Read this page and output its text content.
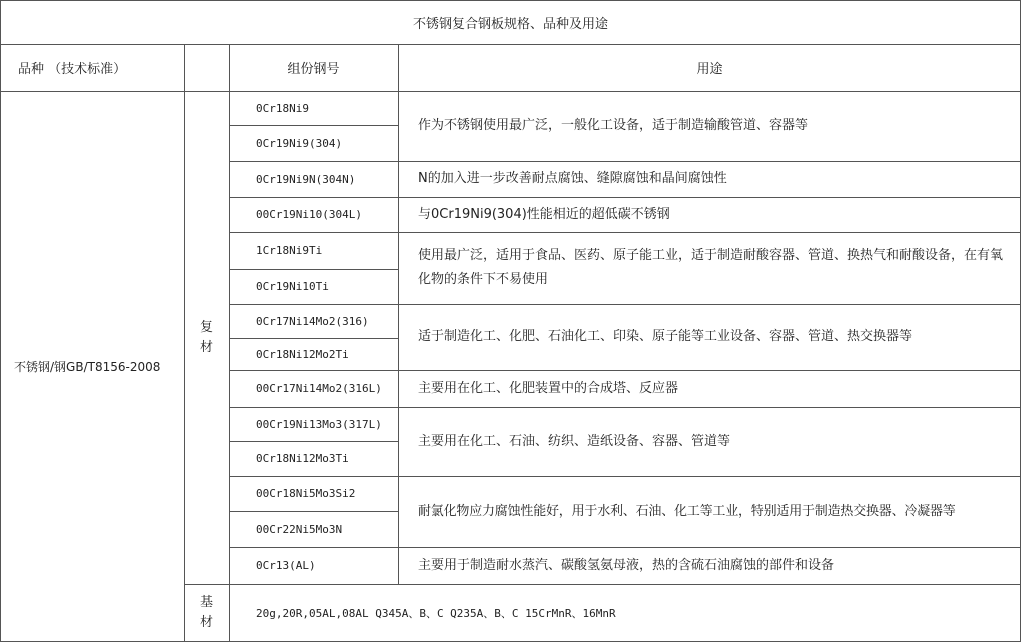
不锈钢复合钢板规格、品种及用途
品种 （技术标准）	组份钢号	用途
不锈钢/钢GB/T8156-2008
复
材
基
材
0Cr18Ni9
0Cr19Ni9(304)
0Cr19Ni9N(304N)
00Cr19Ni10(304L)
1Cr18Ni9Ti
0Cr19Ni10Ti
0Cr17Ni14Mo2(316)
0Cr18Ni12Mo2Ti
00Cr17Ni14Mo2(316L)
00Cr19Ni13Mo3(317L)
0Cr18Ni12Mo3Ti
00Cr18Ni5Mo3Si2
00Cr22Ni5Mo3N
0Cr13(AL)
作为不锈钢使用最广泛，一般化工设备，适于制造输酸管道、容器等
N的加入进一步改善耐点腐蚀、缝隙腐蚀和晶间腐蚀性
与0Cr19Ni9(304)性能相近的超低碳不锈钢
使用最广泛，适用于食品、医药、原子能工业，适于制造耐酸容器、管道、换热气和耐酸设备，在有氧化物的条件下不易使用
适于制造化工、化肥、石油化工、印染、原子能等工业设备、容器、管道、热交换器等
主要用在化工、化肥装置中的合成塔、反应器
主要用在化工、石油、纺织、造纸设备、容器、管道等
耐氯化物应力腐蚀性能好，用于水利、石油、化工等工业，特别适用于制造热交换器、冷凝器等
主要用于制造耐水蒸汽、碳酸氢氨母液，热的含硫石油腐蚀的部件和设备
20g,20R,05AL,08AL Q345A、B、C Q235A、B、C 15CrMnR、16MnR
